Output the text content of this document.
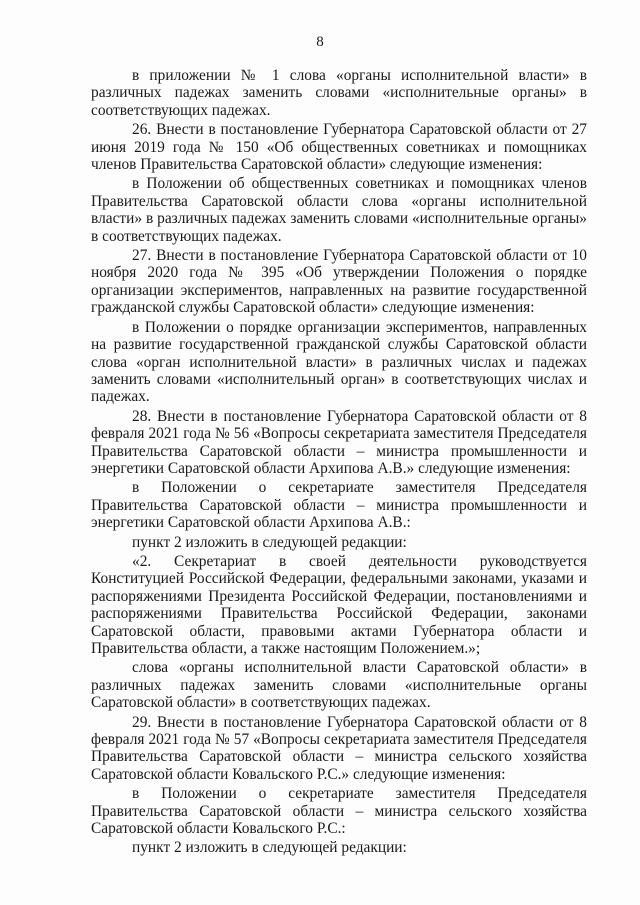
8

в приложении № 1 слова «органы исполнительной власти» в различных падежах заменить словами «исполнительные органы» в соответствующих падежах.

26. Внести в постановление Губернатора Саратовской области от 27 июня 2019 года № 150 «Об общественных советниках и помощниках членов Правительства Саратовской области» следующие изменения:

в Положении об общественных советниках и помощниках членов Правительства Саратовской области слова «органы исполнительной власти» в различных падежах заменить словами «исполнительные органы» в соответствующих падежах.

27. Внести в постановление Губернатора Саратовской области от 10 ноября 2020 года № 395 «Об утверждении Положения о порядке организации экспериментов, направленных на развитие государственной гражданской службы Саратовской области» следующие изменения:

в Положении о порядке организации экспериментов, направленных на развитие государственной гражданской службы Саратовской области слова «орган исполнительной власти» в различных числах и падежах заменить словами «исполнительный орган» в соответствующих числах и падежах.

28. Внести в постановление Губернатора Саратовской области от 8 февраля 2021 года № 56 «Вопросы секретариата заместителя Председателя Правительства Саратовской области – министра промышленности и энергетики Саратовской области Архипова А.В.» следующие изменения:

в Положении о секретариате заместителя Председателя Правительства Саратовской области – министра промышленности и энергетики Саратовской области Архипова А.В.:

пункт 2 изложить в следующей редакции:

«2. Секретариат в своей деятельности руководствуется Конституцией Российской Федерации, федеральными законами, указами и распоряжениями Президента Российской Федерации, постановлениями и распоряжениями Правительства Российской Федерации, законами Саратовской области, правовыми актами Губернатора области и Правительства области, а также настоящим Положением.»;

слова «органы исполнительной власти Саратовской области» в различных падежах заменить словами «исполнительные органы Саратовской области» в соответствующих падежах.

29. Внести в постановление Губернатора Саратовской области от 8 февраля 2021 года № 57 «Вопросы секретариата заместителя Председателя Правительства Саратовской области – министра сельского хозяйства Саратовской области Ковальского Р.С.» следующие изменения:

в Положении о секретариате заместителя Председателя Правительства Саратовской области – министра сельского хозяйства Саратовской области Ковальского Р.С.:

пункт 2 изложить в следующей редакции:
